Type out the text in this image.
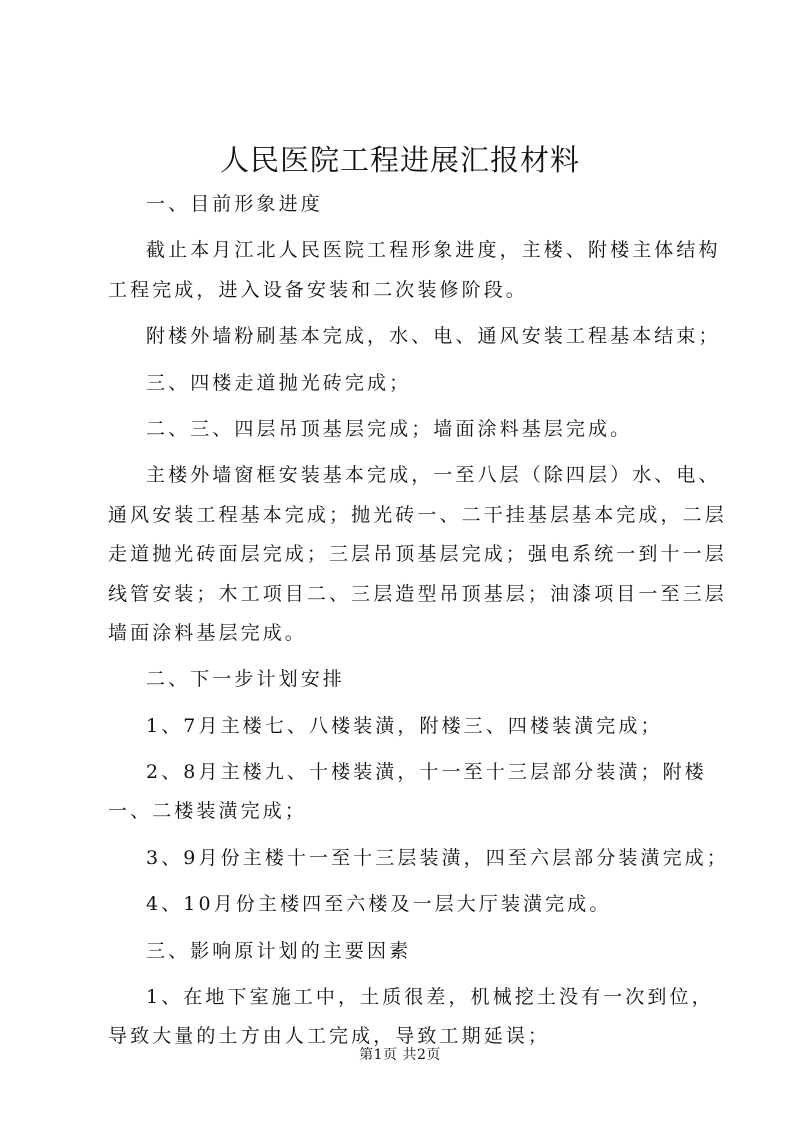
人民医院工程进展汇报材料
一、目前形象进度
截止本月江北人民医院工程形象进度，主楼、附楼主体结构
工程完成，进入设备安装和二次装修阶段。
附楼外墙粉刷基本完成，水、电、通风安装工程基本结束；
三、四楼走道抛光砖完成；
二、三、四层吊顶基层完成；墙面涂料基层完成。
主楼外墙窗框安装基本完成，一至八层（除四层）水、电、
通风安装工程基本完成；抛光砖一、二干挂基层基本完成，二层
走道抛光砖面层完成；三层吊顶基层完成；强电系统一到十一层
线管安装；木工项目二、三层造型吊顶基层；油漆项目一至三层
墙面涂料基层完成。
二、下一步计划安排
1、7月主楼七、八楼装潢，附楼三、四楼装潢完成；
2、8月主楼九、十楼装潢，十一至十三层部分装潢；附楼
一、二楼装潢完成；
3、9月份主楼十一至十三层装潢，四至六层部分装潢完成；
4、10月份主楼四至六楼及一层大厅装潢完成。
三、影响原计划的主要因素
1、在地下室施工中，土质很差，机械挖土没有一次到位，
导致大量的土方由人工完成，导致工期延误；
第1页 共2页
